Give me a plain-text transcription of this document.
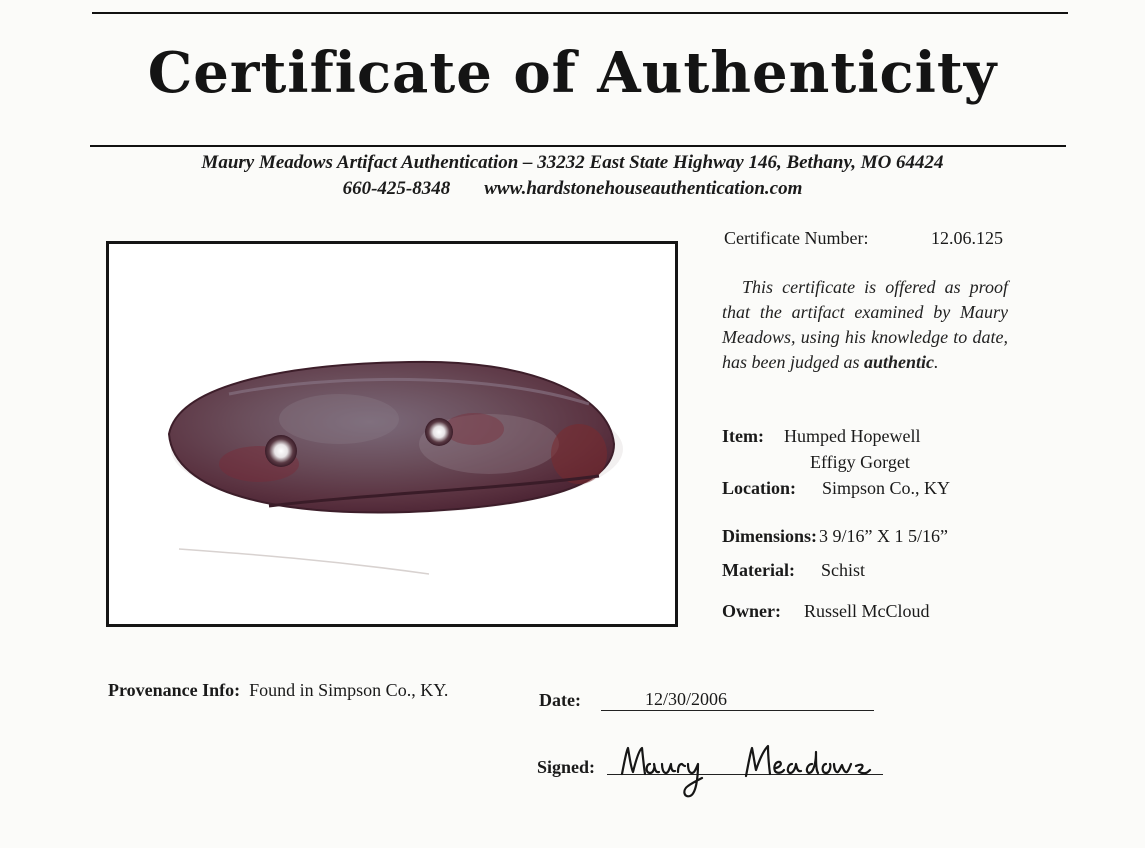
Certificate of Authenticity
Maury Meadows Artifact Authentication – 33232 East State Highway 146, Bethany, MO 64424
660-425-8348 www.hardstonehouseauthentication.com
Certificate Number:	12.06.125
This certificate is offered as proof that the artifact examined by Maury Meadows, using his knowledge to date, has been judged as authentic.
Item: Humped Hopewell
Effigy Gorget
Location: Simpson Co., KY
Dimensions: 3 9/16” X 1 5/16”
Material: Schist
Owner: Russell McCloud
Provenance Info: Found in Simpson Co., KY.	Date:	12/30/2006
Signed:
